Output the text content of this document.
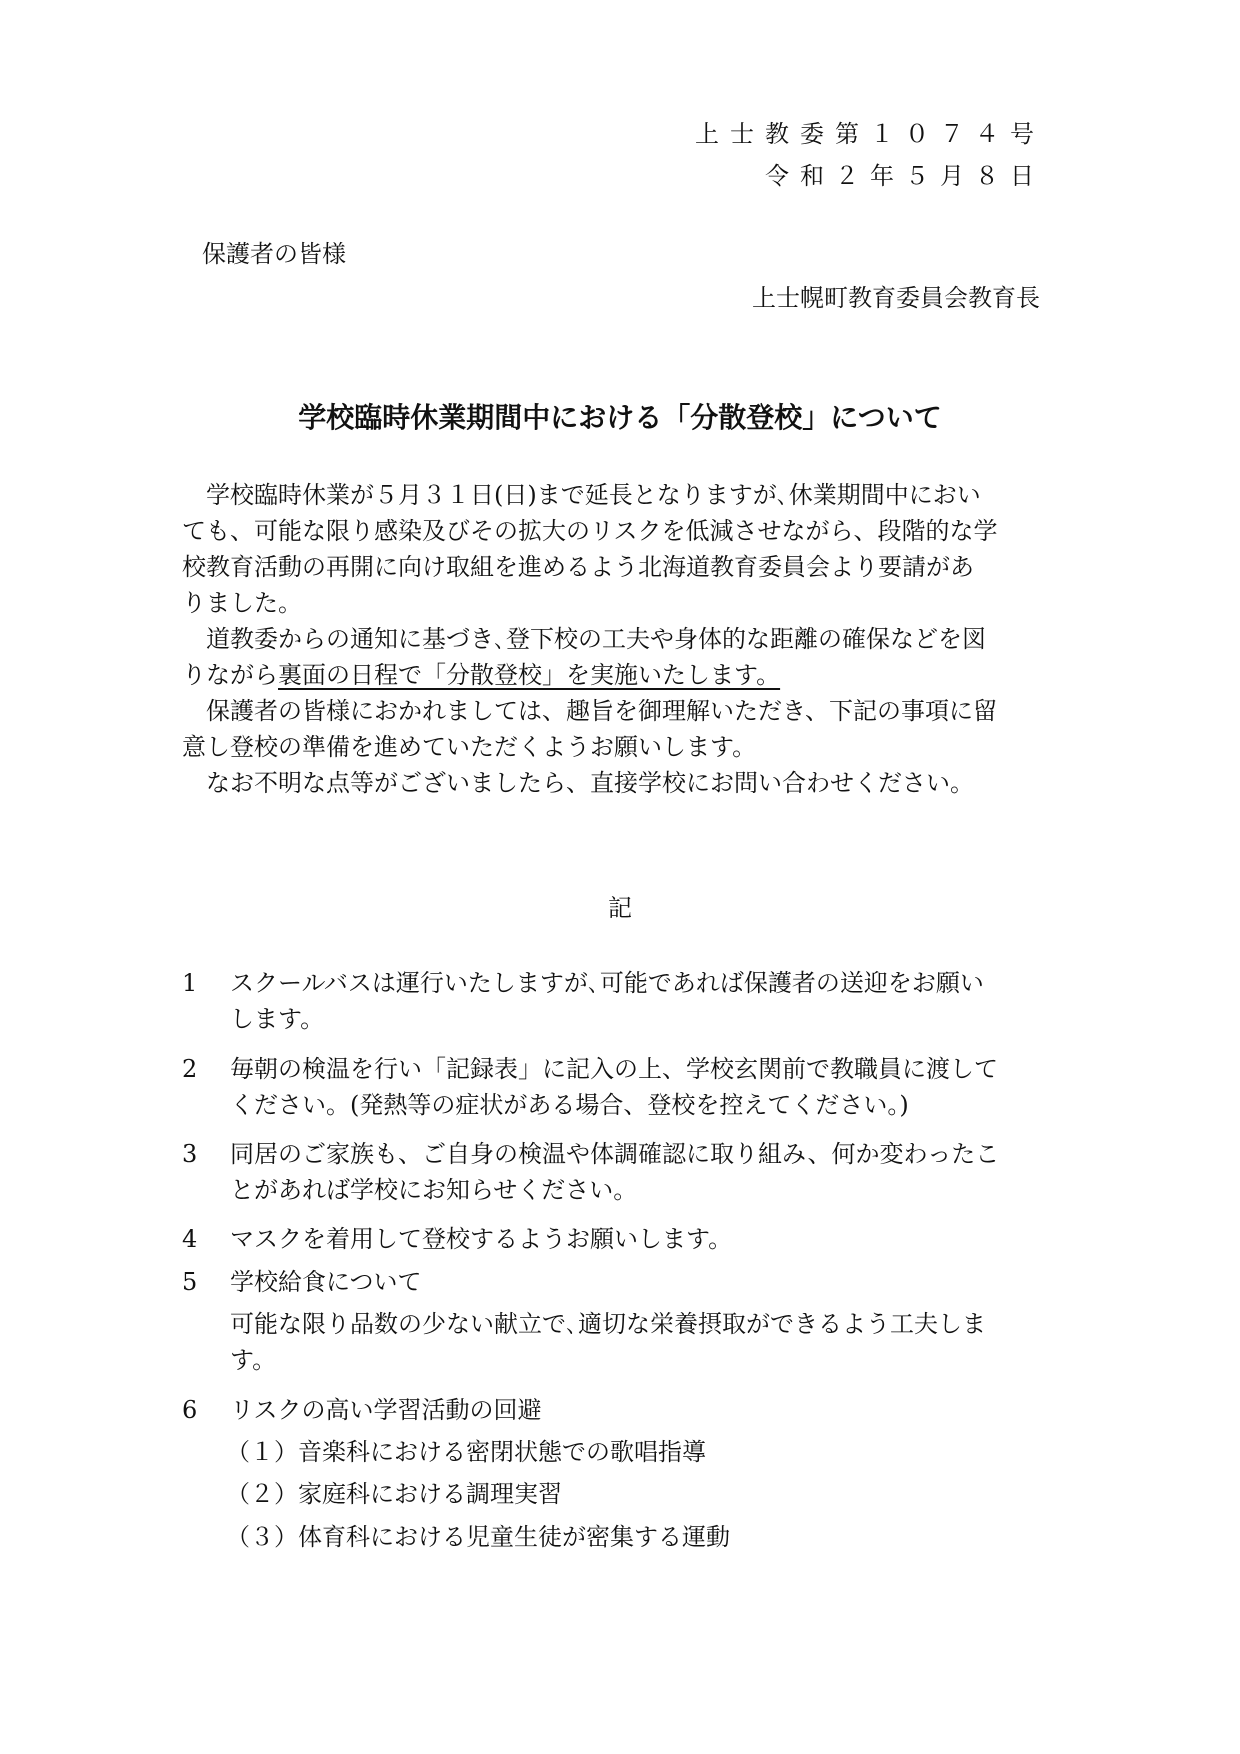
上士教委第１０７４号
令和２年５月８日
保護者の皆様
上士幌町教育委員会教育長
学校臨時休業期間中における「分散登校」について

学校臨時休業が５月３１日(日)まで延長となりますが､休業期間中におい

ても、可能な限り感染及びその拡大のリスクを低減させながら、段階的な学

校教育活動の再開に向け取組を進めるよう北海道教育委員会より要請があ

りました。

道教委からの通知に基づき､登下校の工夫や身体的な距離の確保などを図

りながら裏面の日程で「分散登校」を実施いたします。

保護者の皆様におかれましては、趣旨を御理解いただき、下記の事項に留

意し登校の準備を進めていただくようお願いします。

なお不明な点等がございましたら、直接学校にお問い合わせください。

記
1 スクールバスは運行いたしますが､可能であれば保護者の送迎をお願い
します。
2 毎朝の検温を行い「記録表」に記入の上、学校玄関前で教職員に渡して
ください。(発熱等の症状がある場合、登校を控えてください。)
3 同居のご家族も、ご自身の検温や体調確認に取り組み、何か変わったこ
とがあれば学校にお知らせください。
4 マスクを着用して登校するようお願いします。
5 学校給食について
可能な限り品数の少ない献立で､適切な栄養摂取ができるよう工夫しま
す。
6 リスクの高い学習活動の回避
（１）音楽科における密閉状態での歌唱指導
（２）家庭科における調理実習
（３）体育科における児童生徒が密集する運動
